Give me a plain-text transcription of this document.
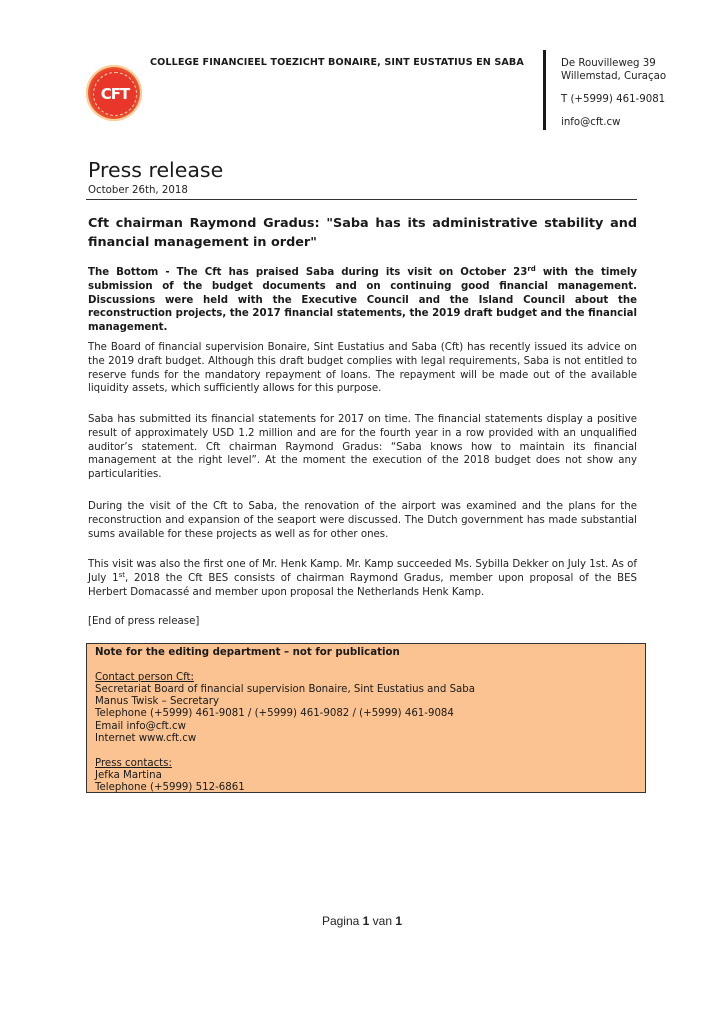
COLLEGE FINANCIEEL TOEZICHT BONAIRE, SINT EUSTATIUS EN SABA
CFT
De Rouvilleweg 39
Willemstad, Curaçao
T (+5999) 461-9081
info@cft.cw
Press release
October 26th, 2018
Cft chairman Raymond Gradus: "Saba has its administrative stability and financial management in order"
The Bottom - The Cft has praised Saba during its visit on October 23rd with the timely submission of the budget documents and on continuing good financial management. Discussions were held with the Executive Council and the Island Council about the reconstruction projects, the 2017 financial statements, the 2019 draft budget and the financial management.
The Board of financial supervision Bonaire, Sint Eustatius and Saba (Cft) has recently issued its advice on the 2019 draft budget. Although this draft budget complies with legal requirements, Saba is not entitled to reserve funds for the mandatory repayment of loans. The repayment will be made out of the available liquidity assets, which sufficiently allows for this purpose.
Saba has submitted its financial statements for 2017 on time. The financial statements display a positive result of approximately USD 1.2 million and are for the fourth year in a row provided with an unqualified auditor’s statement. Cft chairman Raymond Gradus: “Saba knows how to maintain its financial management at the right level”. At the moment the execution of the 2018 budget does not show any particularities.
During the visit of the Cft to Saba, the renovation of the airport was examined and the plans for the reconstruction and expansion of the seaport were discussed. The Dutch government has made substantial sums available for these projects as well as for other ones.
This visit was also the first one of Mr. Henk Kamp. Mr. Kamp succeeded Ms. Sybilla Dekker on July 1st. As of July 1st, 2018 the Cft BES consists of chairman Raymond Gradus, member upon proposal of the BES Herbert Domacassé and member upon proposal the Netherlands Henk Kamp.
[End of press release]
Note for the editing department – not for publication
Contact person Cft:
Secretariat Board of financial supervision Bonaire, Sint Eustatius and Saba
Manus Twisk – Secretary
Telephone (+5999) 461-9081 / (+5999) 461-9082 / (+5999) 461-9084
Email info@cft.cw
Internet www.cft.cw
Press contacts:
Jefka Martina
Telephone (+5999) 512-6861
Pagina 1 van 1
